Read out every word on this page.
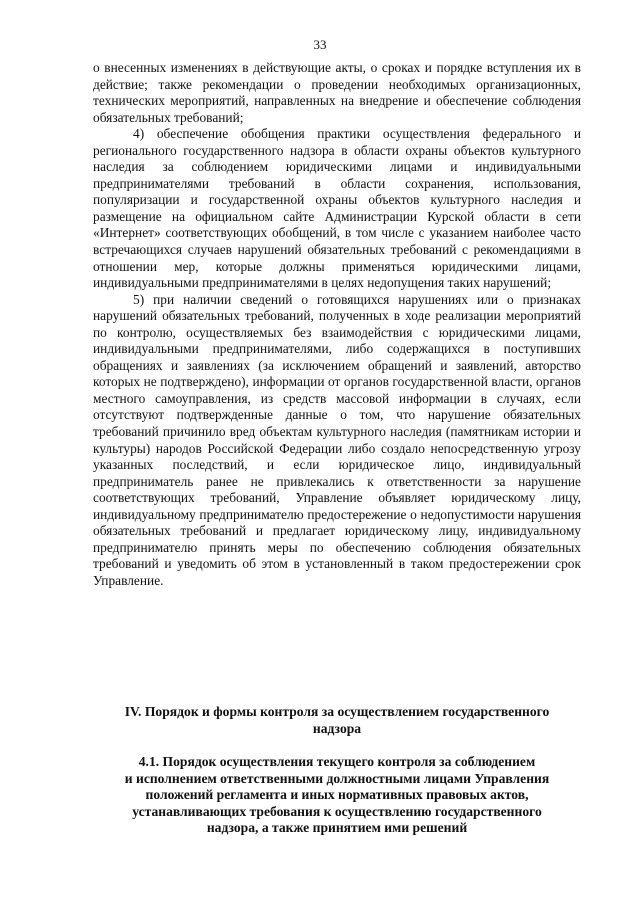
33

о внесенных изменениях в действующие акты, о сроках и порядке вступления их в действие; также рекомендации о проведении необходимых организационных, технических мероприятий, направленных на внедрение и обеспечение соблюдения обязательных требований;

4) обеспечение обобщения практики осуществления федерального и регионального государственного надзора в области охраны объектов культурного наследия за соблюдением юридическими лицами и индивидуальными предпринимателями требований в области сохранения, использования, популяризации и государственной охраны объектов культурного наследия и размещение на официальном сайте Администрации Курской области в сети «Интернет» соответствующих обобщений, в том числе с указанием наиболее часто встречающихся случаев нарушений обязательных требований с рекомендациями в отношении мер, которые должны применяться юридическими лицами, индивидуальными предпринимателями в целях недопущения таких нарушений;

5) при наличии сведений о готовящихся нарушениях или о признаках нарушений обязательных требований, полученных в ходе реализации мероприятий по контролю, осуществляемых без взаимодействия с юридическими лицами, индивидуальными предпринимателями, либо содержащихся в поступивших обращениях и заявлениях (за исключением обращений и заявлений, авторство которых не подтверждено), информации от органов государственной власти, органов местного самоуправления, из средств массовой информации в случаях, если отсутствуют подтвержденные данные о том, что нарушение обязательных требований причинило вред объектам культурного наследия (памятникам истории и культуры) народов Российской Федерации либо создало непосредственную угрозу указанных последствий, и если юридическое лицо, индивидуальный предприниматель ранее не привлекались к ответственности за нарушение соответствующих требований, Управление объявляет юридическому лицу, индивидуальному предпринимателю предостережение о недопустимости нарушения обязательных требований и предлагает юридическому лицу, индивидуальному предпринимателю принять меры по обеспечению соблюдения обязательных требований и уведомить об этом в установленный в таком предостережении срок Управление.

IV. Порядок и формы контроля за осуществлением государственного
надзора
4.1. Порядок осуществления текущего контроля за соблюдением
и исполнением ответственными должностными лицами Управления
положений регламента и иных нормативных правовых актов,
устанавливающих требования к осуществлению государственного
надзора, а также принятием ими решений
